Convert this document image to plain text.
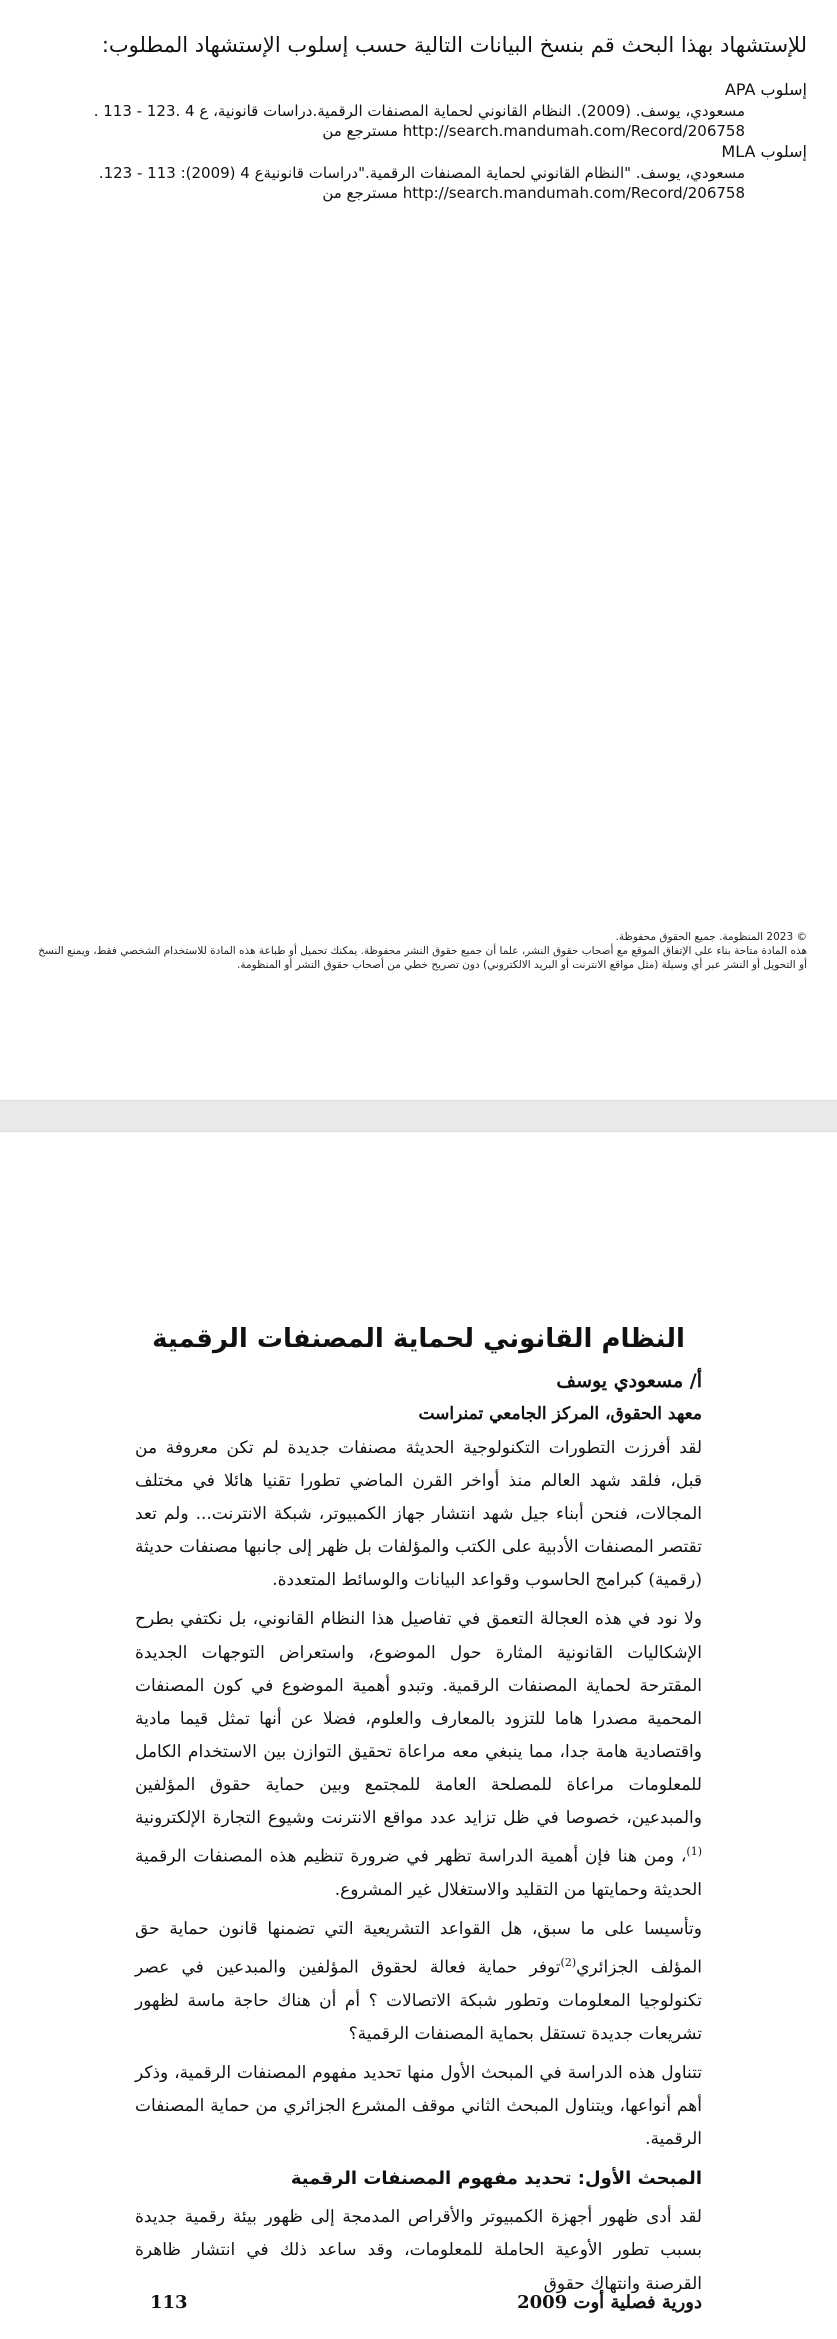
للإستشهاد بهذا البحث قم بنسخ البيانات التالية حسب إسلوب الإستشهاد المطلوب:
إسلوب APA
مسعودي، يوسف. (2009). النظام القانوني لحماية المصنفات الرقمية.دراسات قانونية، ع 4 .123 - 113 .
مسترجع من http://search.mandumah.com/Record/206758
إسلوب MLA
مسعودي، يوسف. "النظام القانوني لحماية المصنفات الرقمية."دراسات قانونيةع 4 (2009): 113 - 123.
مسترجع من http://search.mandumah.com/Record/206758
© 2023 المنظومة. جميع الحقوق محفوظة.
هذه المادة متاحة بناء على الإتفاق الموقع مع أصحاب حقوق النشر، علما أن جميع حقوق النشر محفوظة. يمكنك تحميل أو طباعة هذه المادة للاستخدام الشخصي فقط، ويمنع النسخ أو التحويل أو النشر عبر أي وسيلة (مثل مواقع الانترنت أو البريد الالكتروني) دون تصريح خطي من أصحاب حقوق النشر أو المنظومة.
النظام القانوني لحماية المصنفات الرقمية
أ/ مسعودي يوسف
معهد الحقوق، المركز الجامعي تمنراست

لقد أفرزت التطورات التكنولوجية الحديثة مصنفات جديدة لم تكن معروفة من قبل، فلقد شهد العالم منذ أواخر القرن الماضي تطورا تقنيا هائلا في مختلف المجالات، فنحن أبناء جيل شهد انتشار جهاز الكمبيوتر، شبكة الانترنت... ولم تعد تقتصر المصنفات الأدبية على الكتب والمؤلفات بل ظهر إلى جانبها مصنفات حديثة (رقمية) كبرامج الحاسوب وقواعد البيانات والوسائط المتعددة.

ولا نود في هذه العجالة التعمق في تفاصيل هذا النظام القانوني، بل نكتفي بطرح الإشكاليات القانونية المثارة حول الموضوع، واستعراض التوجهات الجديدة المقترحة لحماية المصنفات الرقمية. وتبدو أهمية الموضوع في كون المصنفات المحمية مصدرا هاما للتزود بالمعارف والعلوم، فضلا عن أنها تمثل قيما مادية واقتصادية هامة جدا، مما ينبغي معه مراعاة تحقيق التوازن بين الاستخدام الكامل للمعلومات مراعاة للمصلحة العامة للمجتمع وبين حماية حقوق المؤلفين والمبدعين، خصوصا في ظل تزايد عدد مواقع الانترنت وشيوع التجارة الإلكترونية $^{(1)}$، ومن هنا فإن أهمية الدراسة تظهر في ضرورة تنظيم هذه المصنفات الرقمية الحديثة وحمايتها من التقليد والاستغلال غير المشروع.

وتأسيسا على ما سبق، هل القواعد التشريعية التي تضمنها قانون حماية حق المؤلف الجزائري$^{(2)}$توفر حماية فعالة لحقوق المؤلفين والمبدعين في عصر تكنولوجيا المعلومات وتطور شبكة الاتصالات ؟ أم أن هناك حاجة ماسة لظهور تشريعات جديدة تستقل بحماية المصنفات الرقمية؟

تتناول هذه الدراسة في المبحث الأول منها تحديد مفهوم المصنفات الرقمية، وذكر أهم أنواعها، ويتناول المبحث الثاني موقف المشرع الجزائري من حماية المصنفات الرقمية.

المبحث الأول: تحديد مفهوم المصنفات الرقمية

لقد أدى ظهور أجهزة الكمبيوتر والأقراص المدمجة إلى ظهور بيئة رقمية جديدة بسبب تطور الأوعية الحاملة للمعلومات، وقد ساعد ذلك في انتشار ظاهرة القرصنة وانتهاك حقوق

دورية فصلية أوت 2009
113
